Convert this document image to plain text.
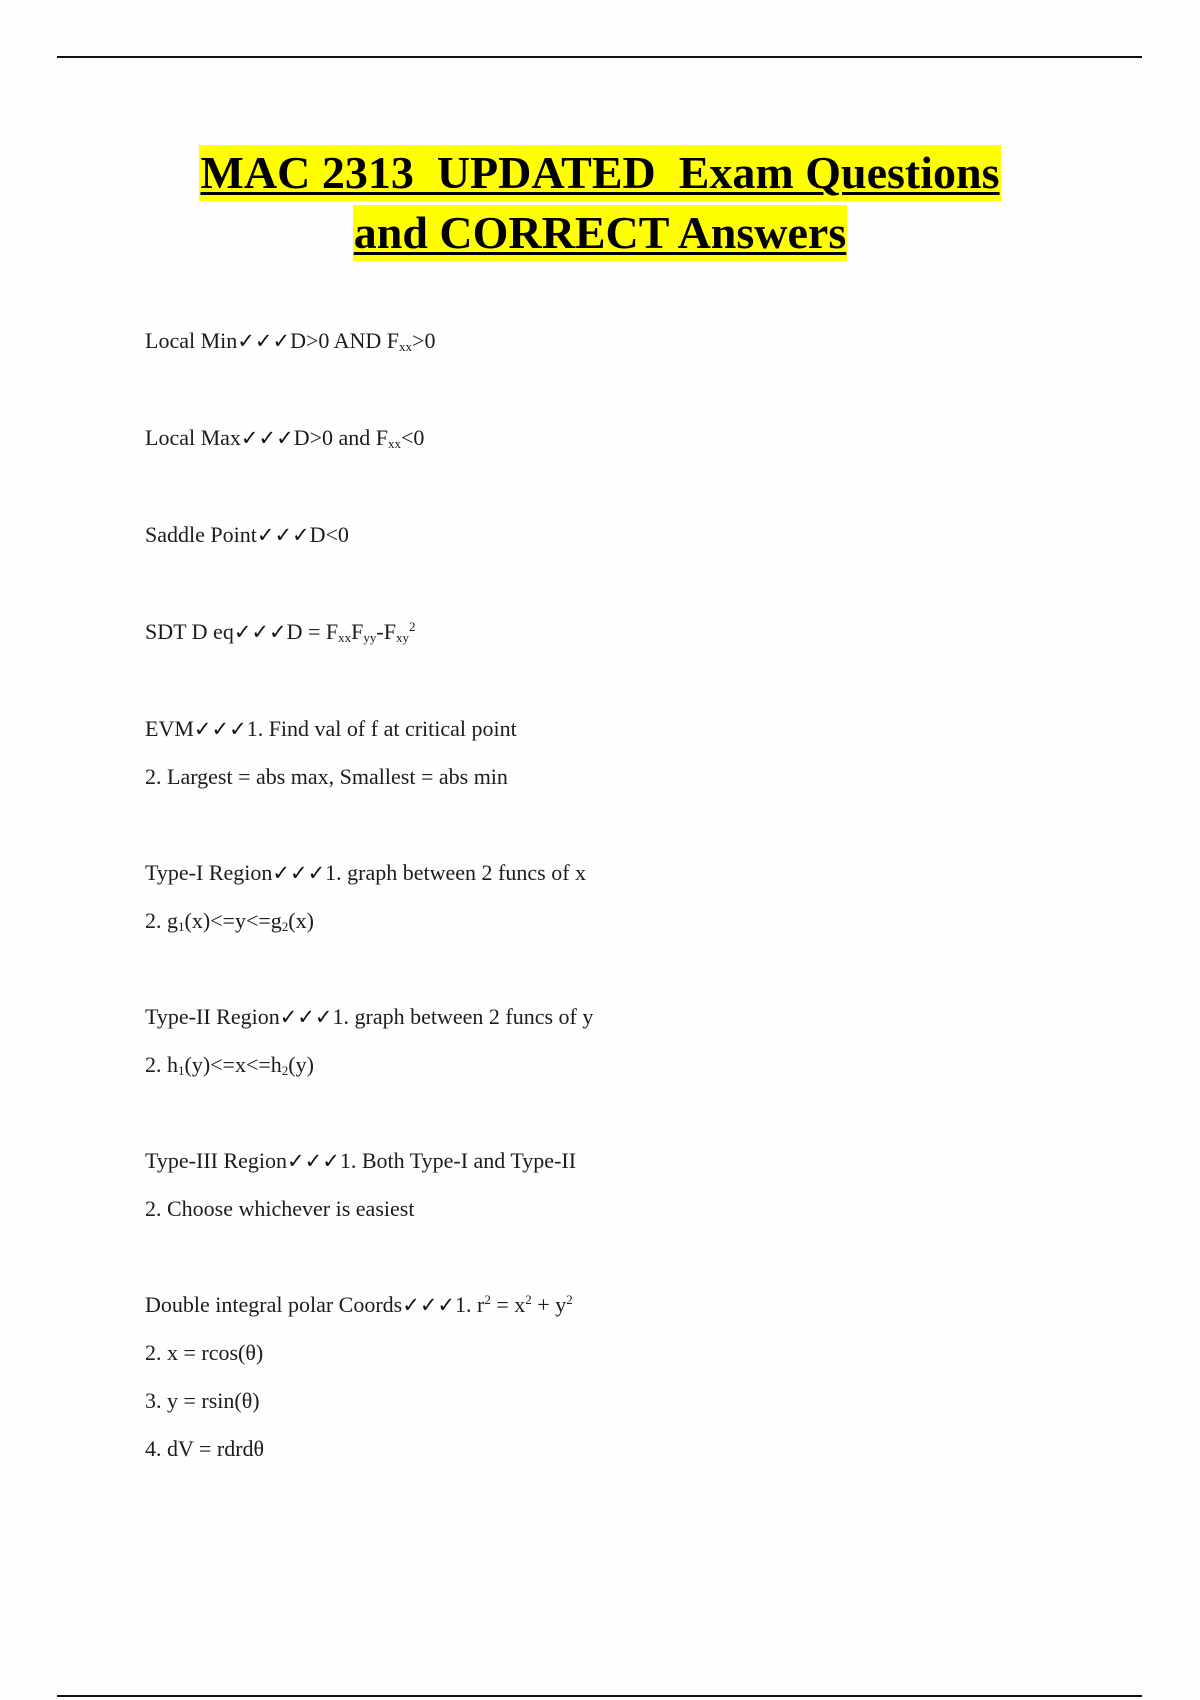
MAC 2313  UPDATED  Exam Questions
and CORRECT Answers
Local Min✓✓✓D>0 AND $F_{xx}>0$
Local Max✓✓✓D>0 and $F_{xx}<0$
Saddle Point✓✓✓D<0
SDT D eq✓✓✓D = $F_{xx}F_{yy}-F_{xy}^2$
EVM✓✓✓1. Find val of f at critical point
2. Largest = abs max, Smallest = abs min
Type-I Region✓✓✓1. graph between 2 funcs of x
2. $g_1(x)<=y<=g_2(x)$
Type-II Region✓✓✓1. graph between 2 funcs of y
2. $h_1(y)<=x<=h_2(y)$
Type-III Region✓✓✓1. Both Type-I and Type-II
2. Choose whichever is easiest
Double integral polar Coords✓✓✓1. $r^2 = x^2 + y^2$
2. x = rcos(θ)
3. y = rsin(θ)
4. dV = rdrdθ
